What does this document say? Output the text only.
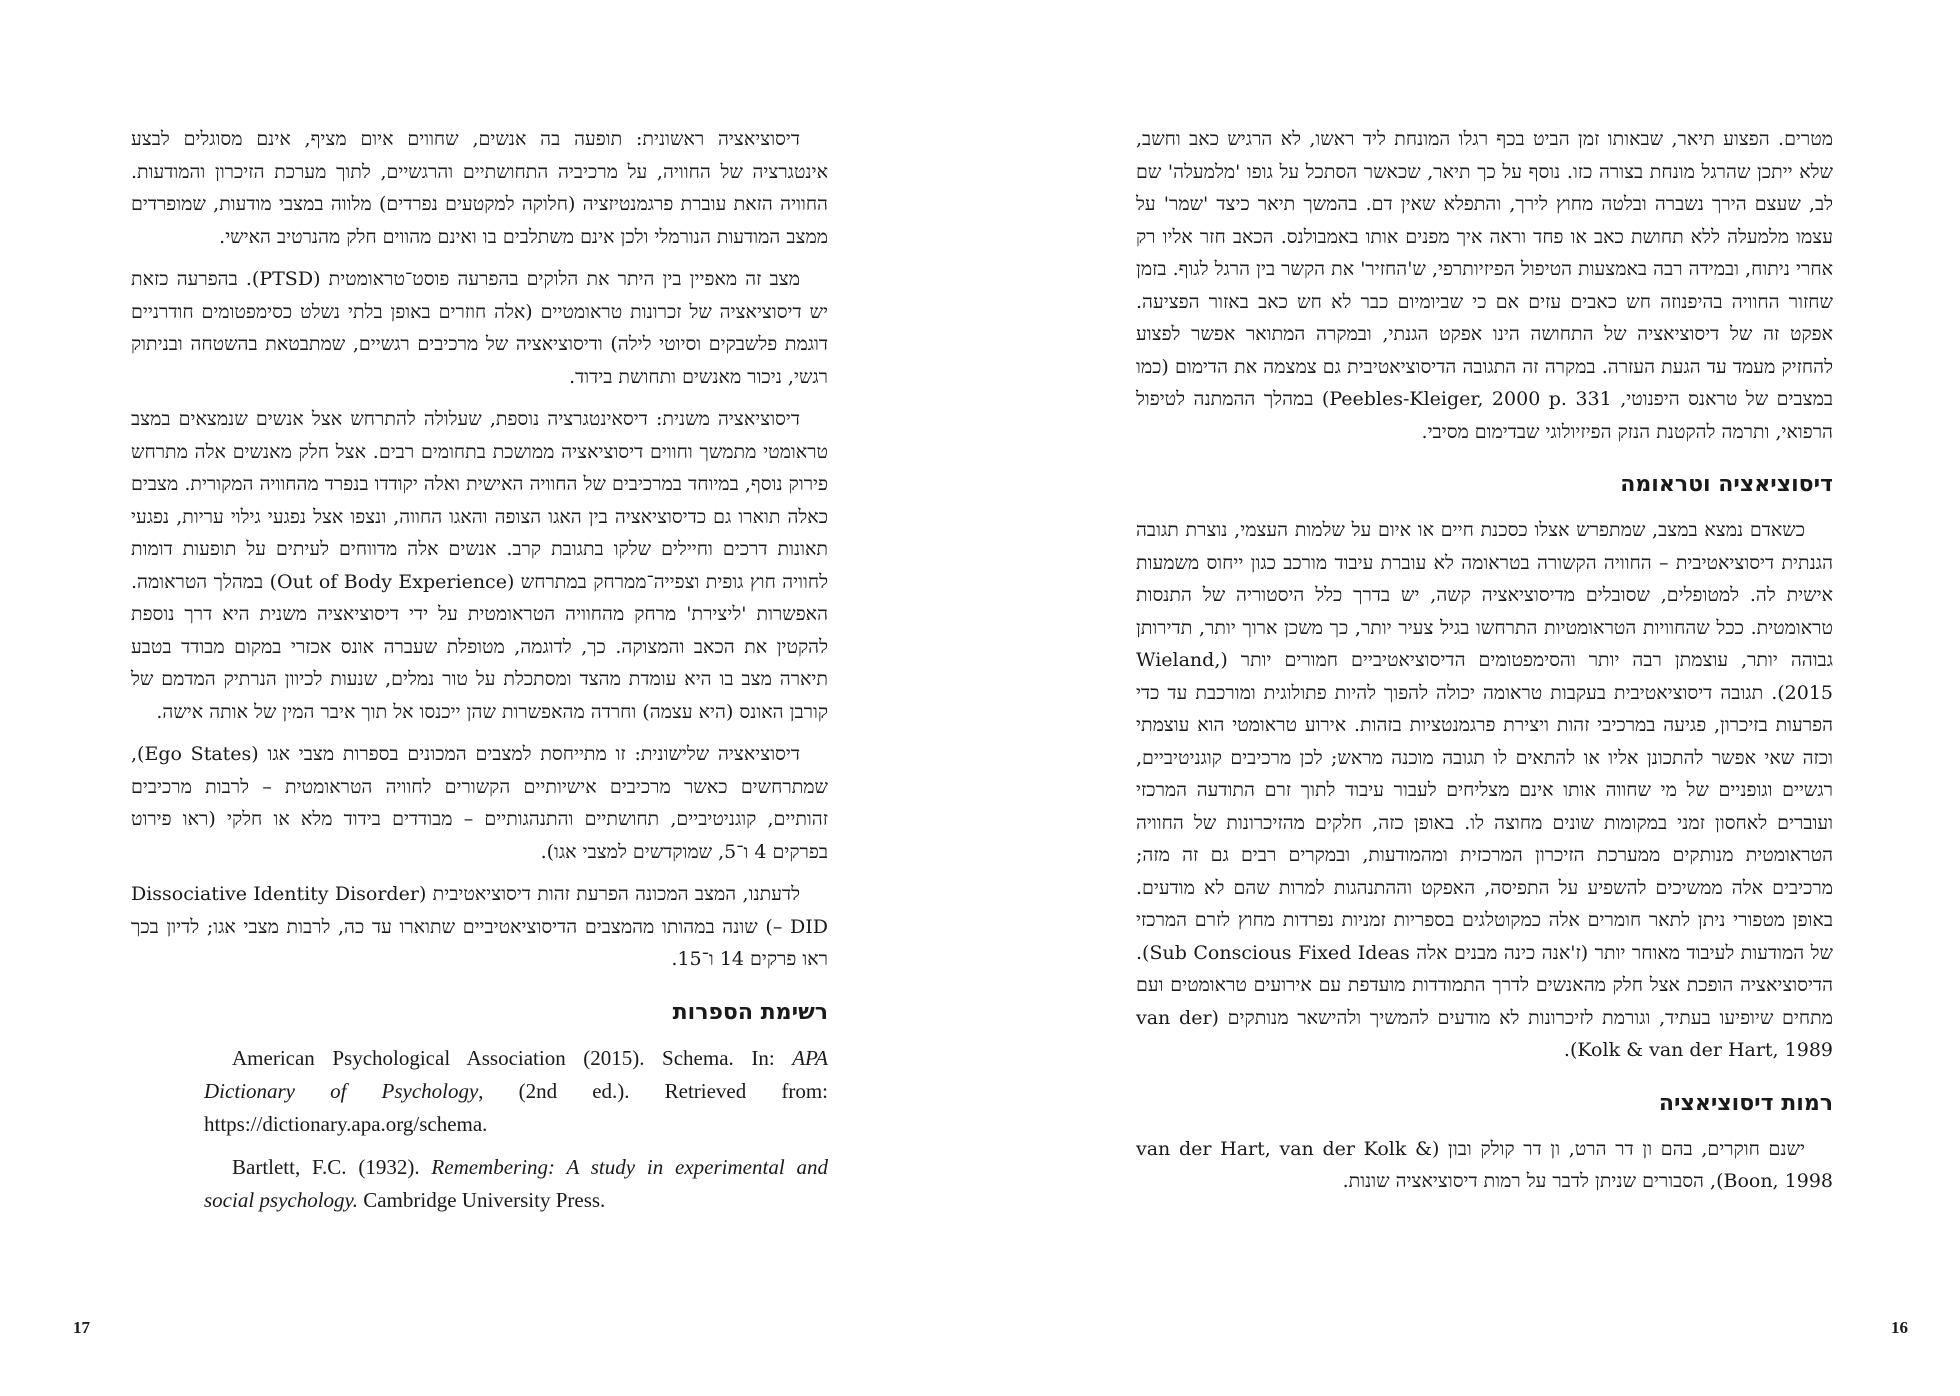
דיסוציאציה ראשונית: תופעה בה אנשים, שחווים איום מציף, אינם מסוגלים לבצע אינטגרציה של החוויה, על מרכיביה התחושתיים והרגשיים, לתוך מערכת הזיכרון והמודעות. החוויה הזאת עוברת פרגמנטיזציה (חלוקה למקטעים נפרדים) מלווה במצבי מודעות, שמופרדים ממצב המודעות הנורמלי ולכן אינם משתלבים בו ואינם מהווים חלק מהנרטיב האישי.

מצב זה מאפיין בין היתר את הלוקים בהפרעה פוסט־טראומטית (PTSD). בהפרעה כזאת יש דיסוציאציה של זכרונות טראומטיים (אלה חוזרים באופן בלתי נשלט כסימפטומים חודרניים דוגמת פלשבקים וסיוטי לילה) ודיסוציאציה של מרכיבים רגשיים, שמתבטאת בהשטחה ובניתוק רגשי, ניכור מאנשים ותחושת בידוד.

דיסוציאציה משנית: דיסאינטגרציה נוספת, שעלולה להתרחש אצל אנשים שנמצאים במצב טראומטי מתמשך וחווים דיסוציאציה ממושכת בתחומים רבים. אצל חלק מאנשים אלה מתרחש פירוק נוסף, במיוחד במרכיבים של החוויה האישית ואלה יקודדו בנפרד מהחוויה המקורית. מצבים כאלה תוארו גם כדיסוציאציה בין האגו הצופה והאגו החווה, ונצפו אצל נפגעי גילוי עריות, נפגעי תאונות דרכים וחיילים שלקו בתגובת קרב. אנשים אלה מדווחים לעיתים על תופעות דומות לחוויה חוץ גופית וצפייה־ממרחק במתרחש (Out of Body Experience) במהלך הטראומה. האפשרות 'ליצירת' מרחק מהחוויה הטראומטית על ידי דיסוציאציה משנית היא דרך נוספת להקטין את הכאב והמצוקה. כך, לדוגמה, מטופלת שעברה אונס אכזרי במקום מבודד בטבע תיארה מצב בו היא עומדת מהצד ומסתכלת על טור נמלים, שנעות לכיוון הנרתיק המדמם של קורבן האונס (היא עצמה) וחרדה מהאפשרות שהן ייכנסו אל תוך איבר המין של אותה אישה.

דיסוציאציה שלישונית: זו מתייחסת למצבים המכונים בספרות מצבי אגו (Ego States), שמתרחשים כאשר מרכיבים אישיותיים הקשורים לחוויה הטראומטית – לרבות מרכיבים זהותיים, קוגניטיביים, תחושתיים והתנהגותיים – מבודדים בידוד מלא או חלקי (ראו פירוט בפרקים 4 ו־5, שמוקדשים למצבי אגו).

לדעתנו, המצב המכונה הפרעת זהות דיסוציאטיבית (Dissociative Identity Disorder – DID) שונה במהותו מהמצבים הדיסוציאטיביים שתוארו עד כה, לרבות מצבי אגו; לדיון בכך ראו פרקים 14 ו־15.

רשימת הספרות

American Psychological Association (2015). Schema. In: APA Dictionary of Psychology, (2nd ed.). Retrieved from: https://dictionary.apa.org/schema.

Bartlett, F.C. (1932). Remembering: A study in experimental and social psychology. Cambridge University Press.

17

מטרים. הפצוע תיאר, שבאותו זמן הביט בכף רגלו המונחת ליד ראשו, לא הרגיש כאב וחשב, שלא ייתכן שהרגל מונחת בצורה כזו. נוסף על כך תיאר, שכאשר הסתכל על גופו 'מלמעלה' שם לב, שעצם הירך נשברה ובלטה מחוץ לירך, והתפלא שאין דם. בהמשך תיאר כיצד 'שמר' על עצמו מלמעלה ללא תחושת כאב או פחד וראה איך מפנים אותו באמבולנס. הכאב חזר אליו רק אחרי ניתוח, ובמידה רבה באמצעות הטיפול הפיזיותרפי, ש'החזיר' את הקשר בין הרגל לגוף. בזמן שחזור החוויה בהיפנוזה חש כאבים עזים אם כי שביומיום כבר לא חש כאב באזור הפציעה. אפקט זה של דיסוציאציה של התחושה הינו אפקט הגנתי, ובמקרה המתואר אפשר לפצוע להחזיק מעמד עד הגעת העזרה. במקרה זה התגובה הדיסוציאטיבית גם צמצמה את הדימום (כמו במצבים של טראנס היפנוטי, Peebles-Kleiger, 2000 p. 331) במהלך ההמתנה לטיפול הרפואי, ותרמה להקטנת הנזק הפיזיולוגי שבדימום מסיבי.

דיסוציאציה וטראומה

כשאדם נמצא במצב, שמתפרש אצלו כסכנת חיים או איום על שלמות העצמי, נוצרת תגובה הגנתית דיסוציאטיבית – החוויה הקשורה בטראומה לא עוברת עיבוד מורכב כגון ייחוס משמעות אישית לה. למטופלים, שסובלים מדיסוציאציה קשה, יש בדרך כלל היסטוריה של התנסות טראומטית. ככל שהחוויות הטראומטיות התרחשו בגיל צעיר יותר, כך משכן ארוך יותר, תדירותן גבוהה יותר, עוצמתן רבה יותר והסימפטומים הדיסוציאטיביים חמורים יותר (Wieland, 2015). תגובה דיסוציאטיבית בעקבות טראומה יכולה להפוך להיות פתולוגית ומורכבת עד כדי הפרעות בזיכרון, פגיעה במרכיבי זהות ויצירת פרגמנטציות בזהות. אירוע טראומטי הוא עוצמתי וכזה שאי אפשר להתכונן אליו או להתאים לו תגובה מוכנה מראש; לכן מרכיבים קוגניטיביים, רגשיים וגופניים של מי שחווה אותו אינם מצליחים לעבור עיבוד לתוך זרם התודעה המרכזי ועוברים לאחסון זמני במקומות שונים מחוצה לו. באופן כזה, חלקים מהזיכרונות של החוויה הטראומטית מנותקים ממערכת הזיכרון המרכזית ומהמודעות, ובמקרים רבים גם זה מזה; מרכיבים אלה ממשיכים להשפיע על התפיסה, האפקט וההתנהגות למרות שהם לא מודעים. באופן מטפורי ניתן לתאר חומרים אלה כמקוטלגים בספריות זמניות נפרדות מחוץ לזרם המרכזי של המודעות לעיבוד מאוחר יותר (ז'אנה כינה מבנים אלה Sub Conscious Fixed Ideas). הדיסוציאציה הופכת אצל חלק מהאנשים לדרך התמודדות מועדפת עם אירועים טראומטים ועם מתחים שיופיעו בעתיד, וגורמת לזיכרונות לא מודעים להמשיך ולהישאר מנותקים (van der Kolk & van der Hart, 1989).

רמות דיסוציאציה

ישנם חוקרים, בהם ון דר הרט, ון דר קולק ובון (van der Hart, van der Kolk & Boon, 1998), הסבורים שניתן לדבר על רמות דיסוציאציה שונות.

16
